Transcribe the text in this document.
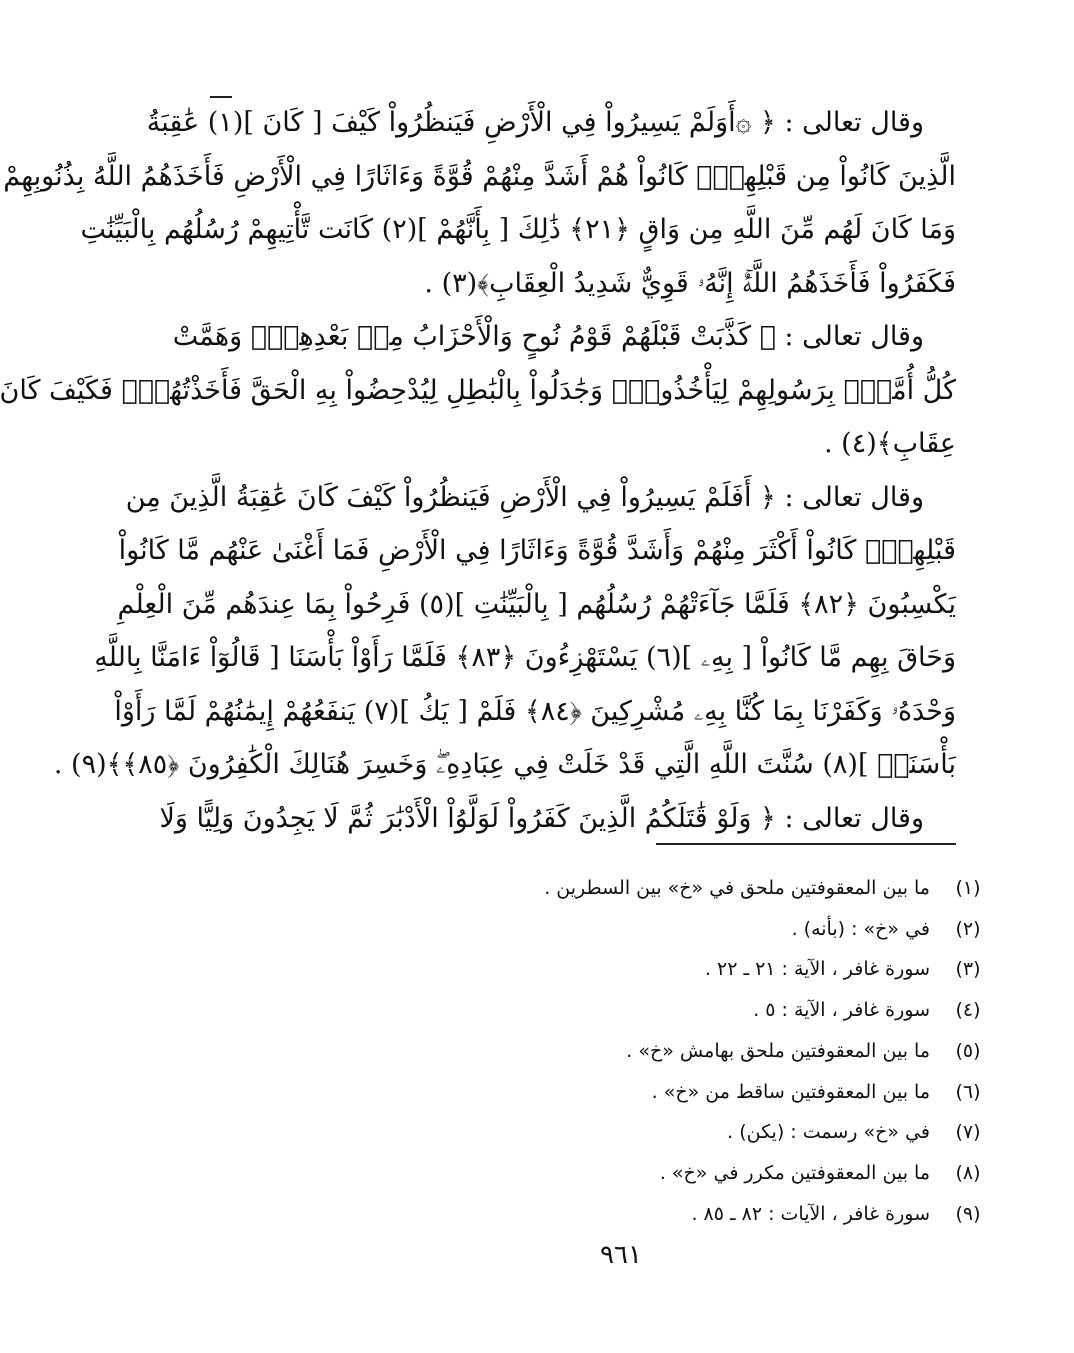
وقال تعالى : ﴿ ۞أَوَلَمْ يَسِيرُواْ فِي الْأَرْضِ فَيَنظُرُواْ كَيْفَ [ كَانَ ](١) عَٰقِبَةُ
الَّذِينَ كَانُواْ مِن قَبْلِهِمْۚ كَانُواْ هُمْ أَشَدَّ مِنْهُمْ قُوَّةً وَءَاثَارًا فِي الْأَرْضِ فَأَخَذَهُمُ اللَّهُ بِذُنُوبِهِمْ
وَمَا كَانَ لَهُم مِّنَ اللَّهِ مِن وَاقٍ ﴿٢١﴾ ذَٰلِكَ [ بِأَنَّهُمْ ](٢) كَانَت تَّأْتِيهِمْ رُسُلُهُم بِالْبَيِّنَٰتِ
فَكَفَرُواْ فَأَخَذَهُمُ اللَّهُۚ إِنَّهُۥ قَوِيٌّ شَدِيدُ الْعِقَابِ﴾(٣) .
وقال تعالى : ﴿ كَذَّبَتْ قَبْلَهُمْ قَوْمُ نُوحٍ وَالْأَحْزَابُ مِنۢ بَعْدِهِمْۖ وَهَمَّتْ
كُلُّ أُمَّةٍۭ بِرَسُولِهِمْ لِيَأْخُذُوهُۖ وَجَٰدَلُواْ بِالْبَٰطِلِ لِيُدْحِضُواْ بِهِ الْحَقَّ فَأَخَذْتُهُمْۖ فَكَيْفَ كَانَ
عِقَابِ﴾(٤) .
وقال تعالى : ﴿ أَفَلَمْ يَسِيرُواْ فِي الْأَرْضِ فَيَنظُرُواْ كَيْفَ كَانَ عَٰقِبَةُ الَّذِينَ مِن
قَبْلِهِمْۚ كَانُواْ أَكْثَرَ مِنْهُمْ وَأَشَدَّ قُوَّةً وَءَاثَارًا فِي الْأَرْضِ فَمَا أَغْنَىٰ عَنْهُم مَّا كَانُواْ
يَكْسِبُونَ ﴿٨٢﴾ فَلَمَّا جَآءَتْهُمْ رُسُلُهُم [ بِالْبَيِّنَٰتِ ](٥) فَرِحُواْ بِمَا عِندَهُم مِّنَ الْعِلْمِ
وَحَاقَ بِهِم مَّا كَانُواْ [ بِهِۦ ](٦) يَسْتَهْزِءُونَ ﴿٨٣﴾ فَلَمَّا رَأَوْاْ بَأْسَنَا [ قَالُوٓاْ ءَامَنَّا بِاللَّهِ
وَحْدَهُۥ وَكَفَرْنَا بِمَا كُنَّا بِهِۦ مُشْرِكِينَ ﴿٨٤﴾ فَلَمْ [ يَكُ ](٧) يَنفَعُهُمْ إِيمَٰنُهُمْ لَمَّا رَأَوْاْ
بَأْسَنَاۖ ](٨) سُنَّتَ اللَّهِ الَّتِي قَدْ خَلَتْ فِي عِبَادِهِۦۖ وَخَسِرَ هُنَالِكَ الْكَٰفِرُونَ ﴿٨٥﴾﴾(٩) .
وقال تعالى : ﴿ وَلَوْ قَٰتَلَكُمُ الَّذِينَ كَفَرُواْ لَوَلَّوُاْ الْأَدْبَٰرَ ثُمَّ لَا يَجِدُونَ وَلِيًّا وَلَا
(١)
ما بين المعقوفتين ملحق في «خ» بين السطرين .
(٢)
في «خ» : (بأنه) .
(٣)
سورة غافر ، الآية : ٢١ ـ ٢٢ .
(٤)
سورة غافر ، الآية : ٥ .
(٥)
ما بين المعقوفتين ملحق بهامش «خ» .
(٦)
ما بين المعقوفتين ساقط من «خ» .
(٧)
في «خ» رسمت : (يكن) .
(٨)
ما بين المعقوفتين مكرر في «خ» .
(٩)
سورة غافر ، الآيات : ٨٢ ـ ٨٥ .
٩٦١
